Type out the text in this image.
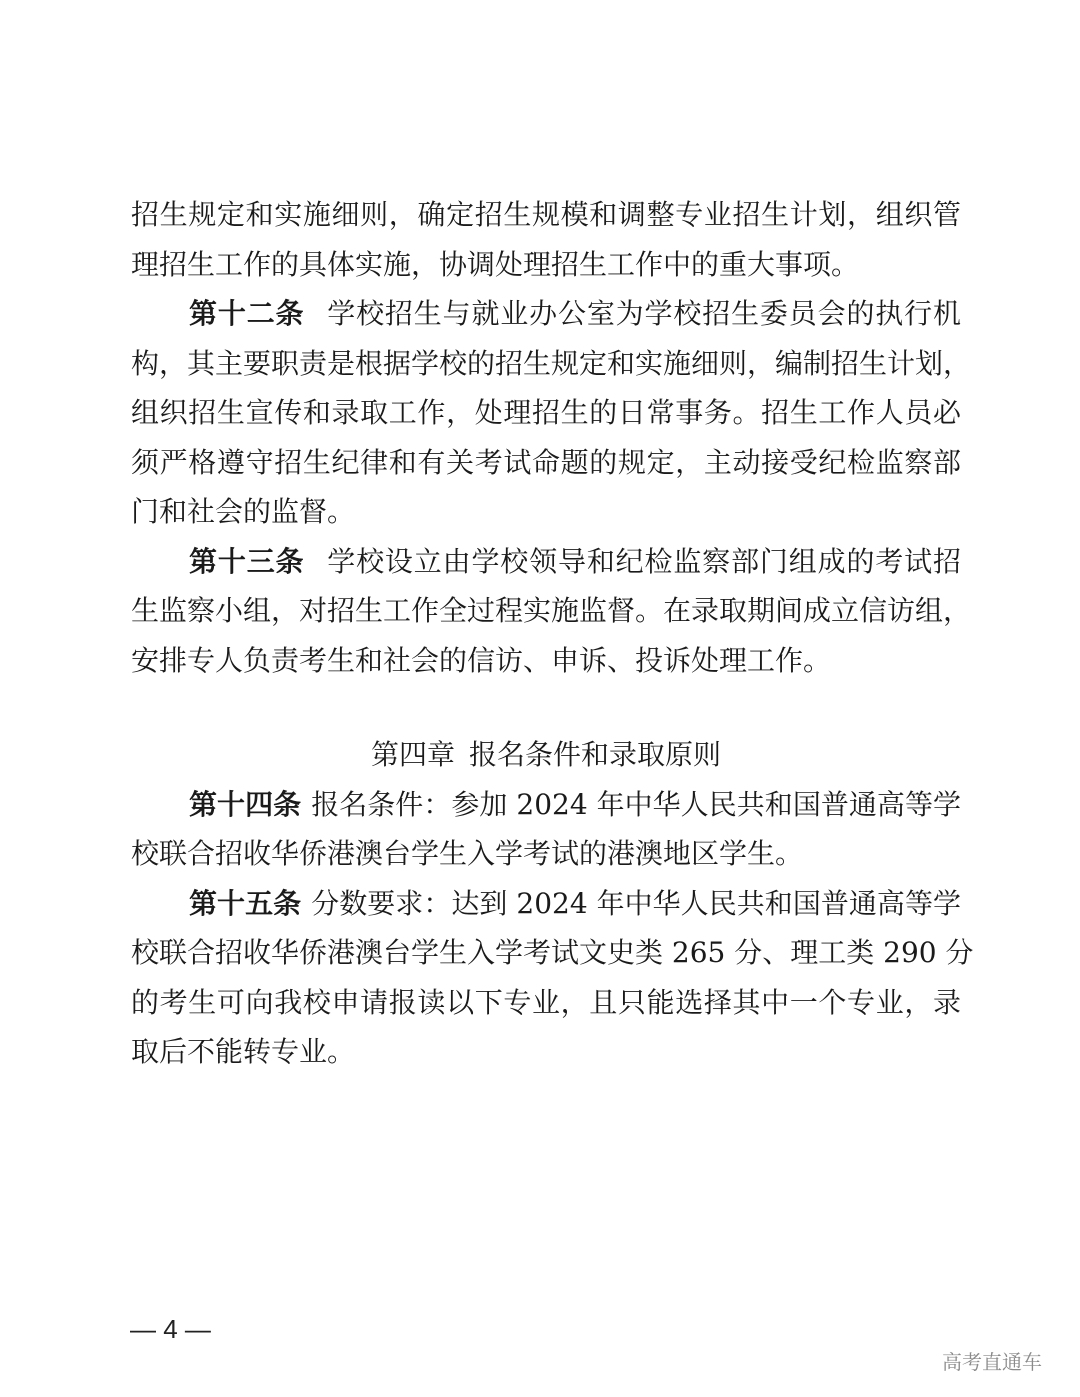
招生规定和实施细则，确定招生规模和调整专业招生计划，组织管
理招生工作的具体实施，协调处理招生工作中的重大事项。
第十二条 学校招生与就业办公室为学校招生委员会的执行机
构，其主要职责是根据学校的招生规定和实施细则，编制招生计划，
组织招生宣传和录取工作，处理招生的日常事务。招生工作人员必
须严格遵守招生纪律和有关考试命题的规定，主动接受纪检监察部
门和社会的监督。
第十三条 学校设立由学校领导和纪检监察部门组成的考试招
生监察小组，对招生工作全过程实施监督。在录取期间成立信访组，
安排专人负责考生和社会的信访、申诉、投诉处理工作。
第四章 报名条件和录取原则
第十四条 报名条件：参加 2024 年中华人民共和国普通高等学
校联合招收华侨港澳台学生入学考试的港澳地区学生。
第十五条 分数要求：达到 2024 年中华人民共和国普通高等学
校联合招收华侨港澳台学生入学考试文史类 265 分、理工类 290 分
的考生可向我校申请报读以下专业，且只能选择其中一个专业，录
取后不能转专业。
— 4 —
高考直通车
